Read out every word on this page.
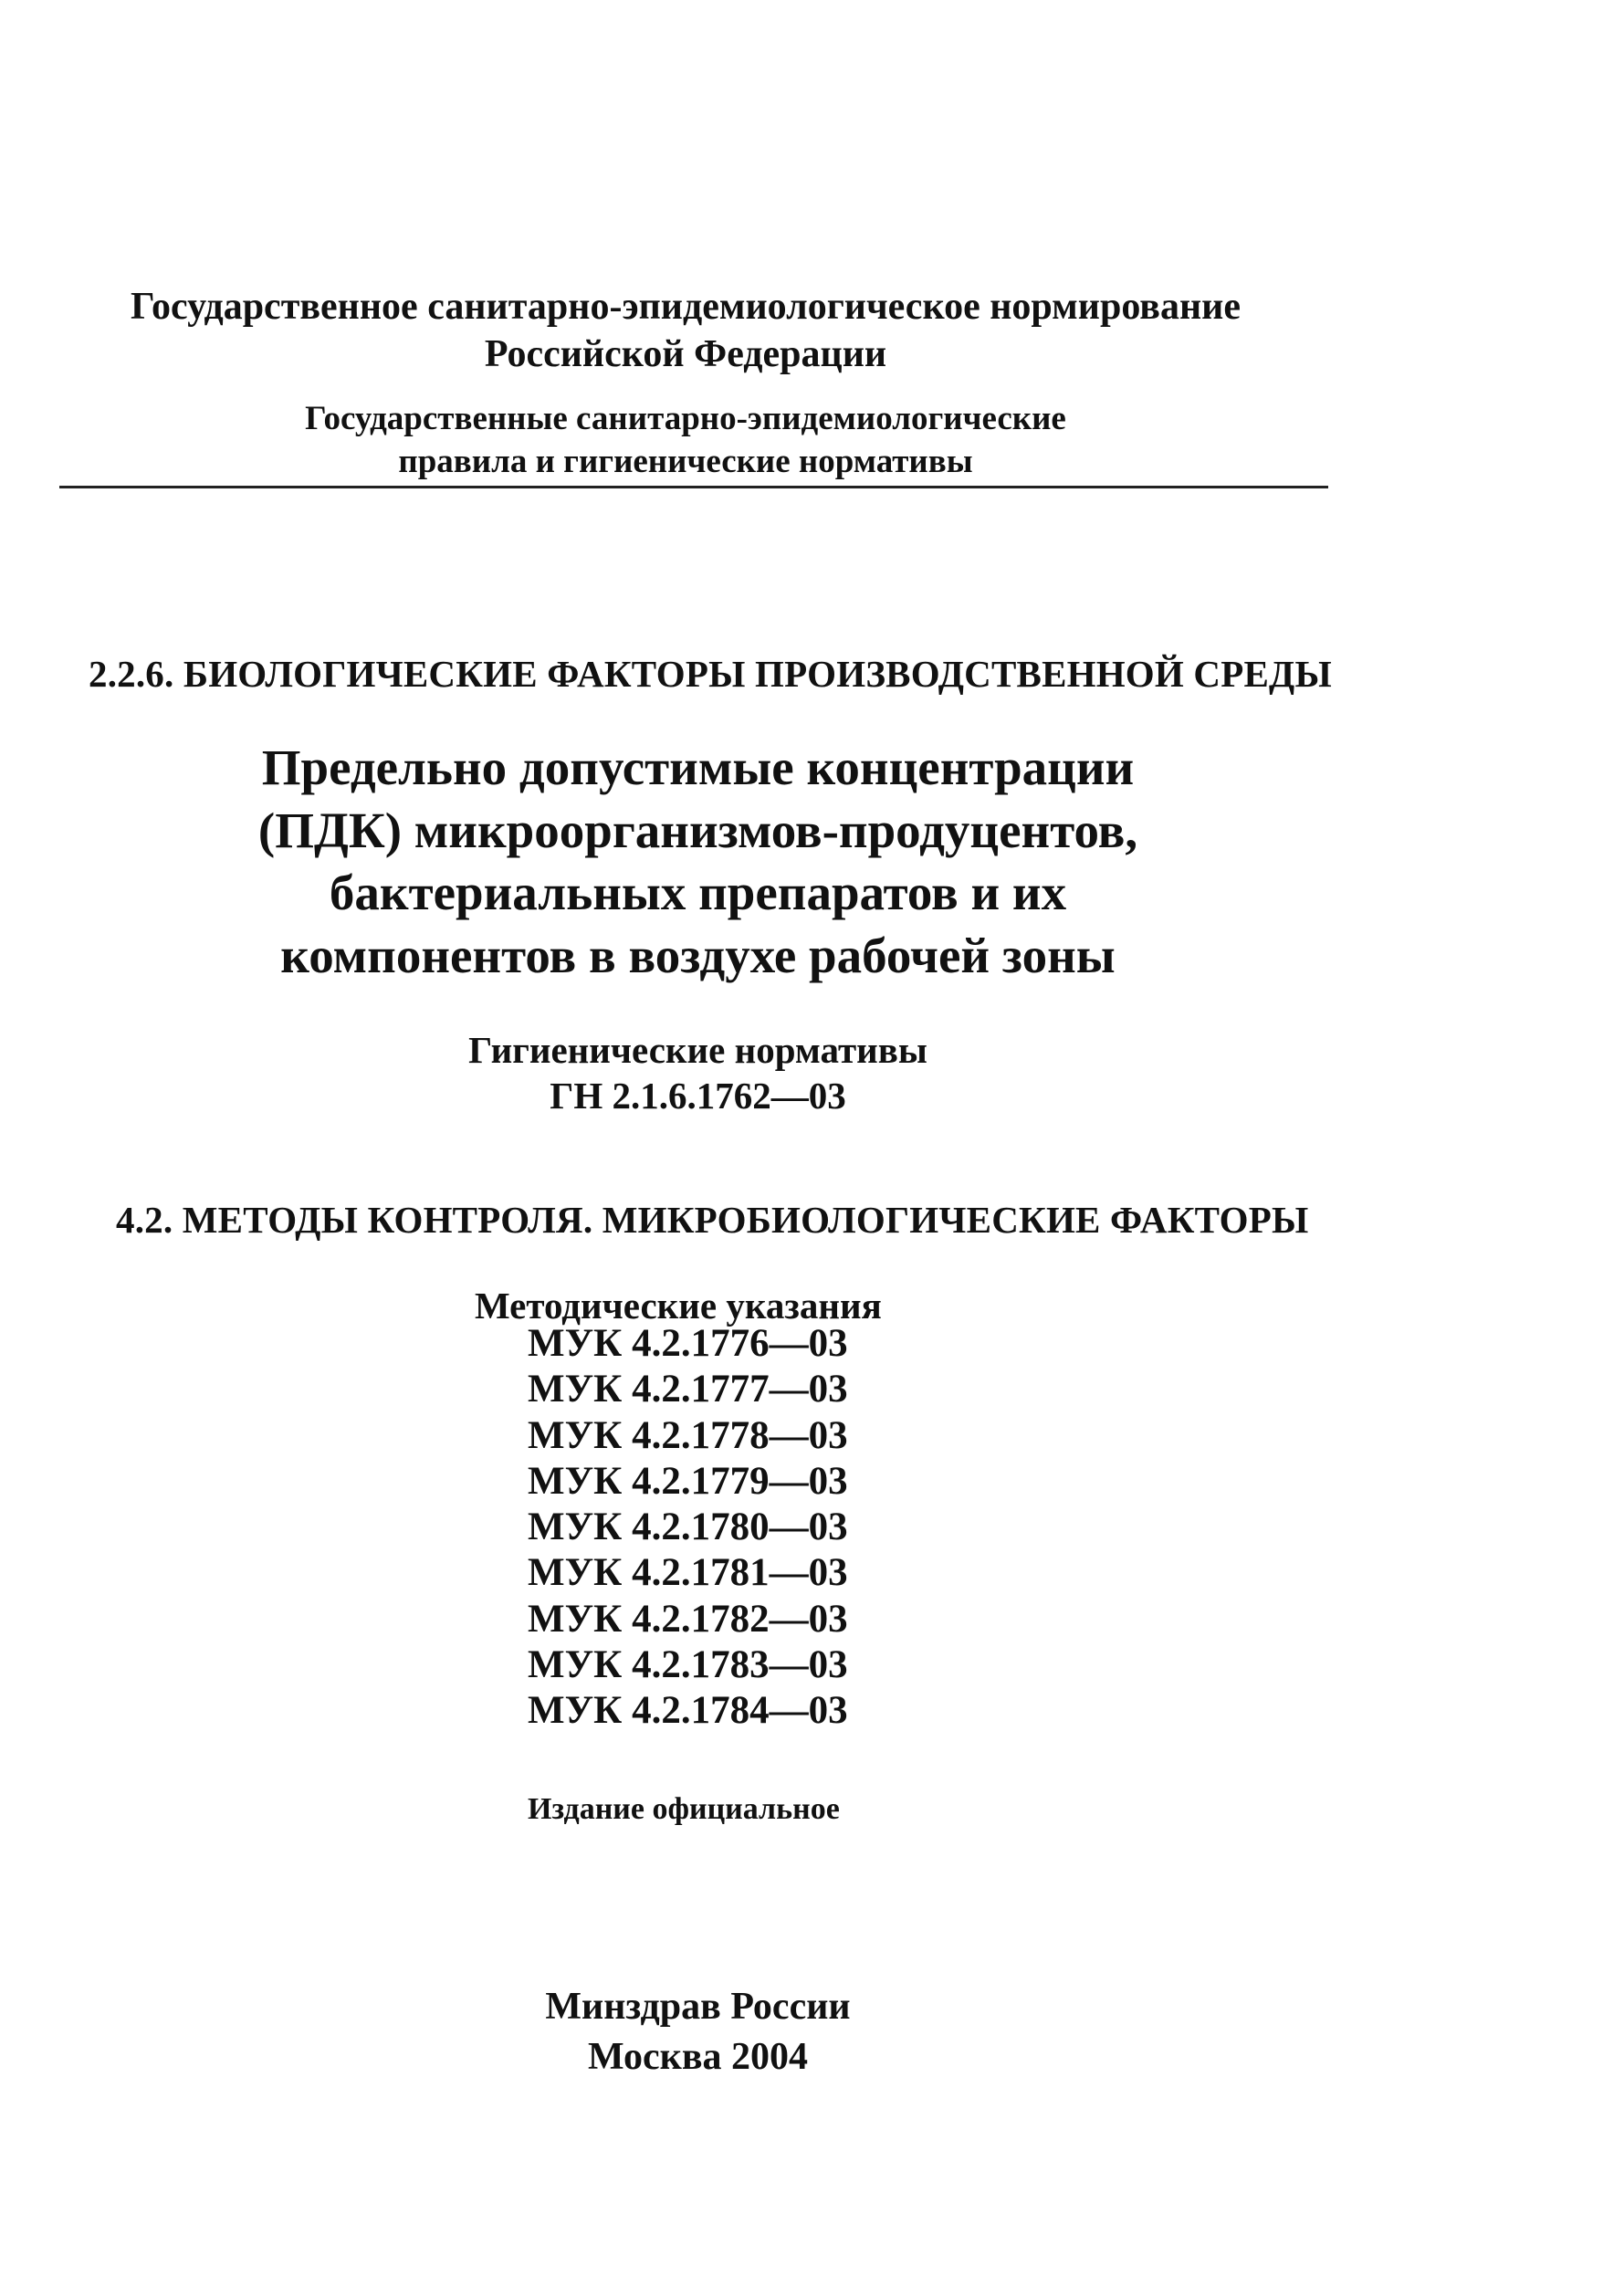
Государственное санитарно-эпидемиологическое нормирование
Российской Федерации
Государственные санитарно-эпидемиологические
правила и гигиенические нормативы
2.2.6. БИОЛОГИЧЕСКИЕ ФАКТОРЫ ПРОИЗВОДСТВЕННОЙ СРЕДЫ
Предельно допустимые концентрации
(ПДК) микроорганизмов-продуцентов,
бактериальных препаратов и их
компонентов в воздухе рабочей зоны
Гигиенические нормативы
ГН 2.1.6.1762—03
4.2. МЕТОДЫ КОНТРОЛЯ. МИКРОБИОЛОГИЧЕСКИЕ ФАКТОРЫ
Методические указания
МУК 4.2.1776—03
МУК 4.2.1777—03
МУК 4.2.1778—03
МУК 4.2.1779—03
МУК 4.2.1780—03
МУК 4.2.1781—03
МУК 4.2.1782—03
МУК 4.2.1783—03
МУК 4.2.1784—03
Издание официальное
Минздрав России
Москва 2004
